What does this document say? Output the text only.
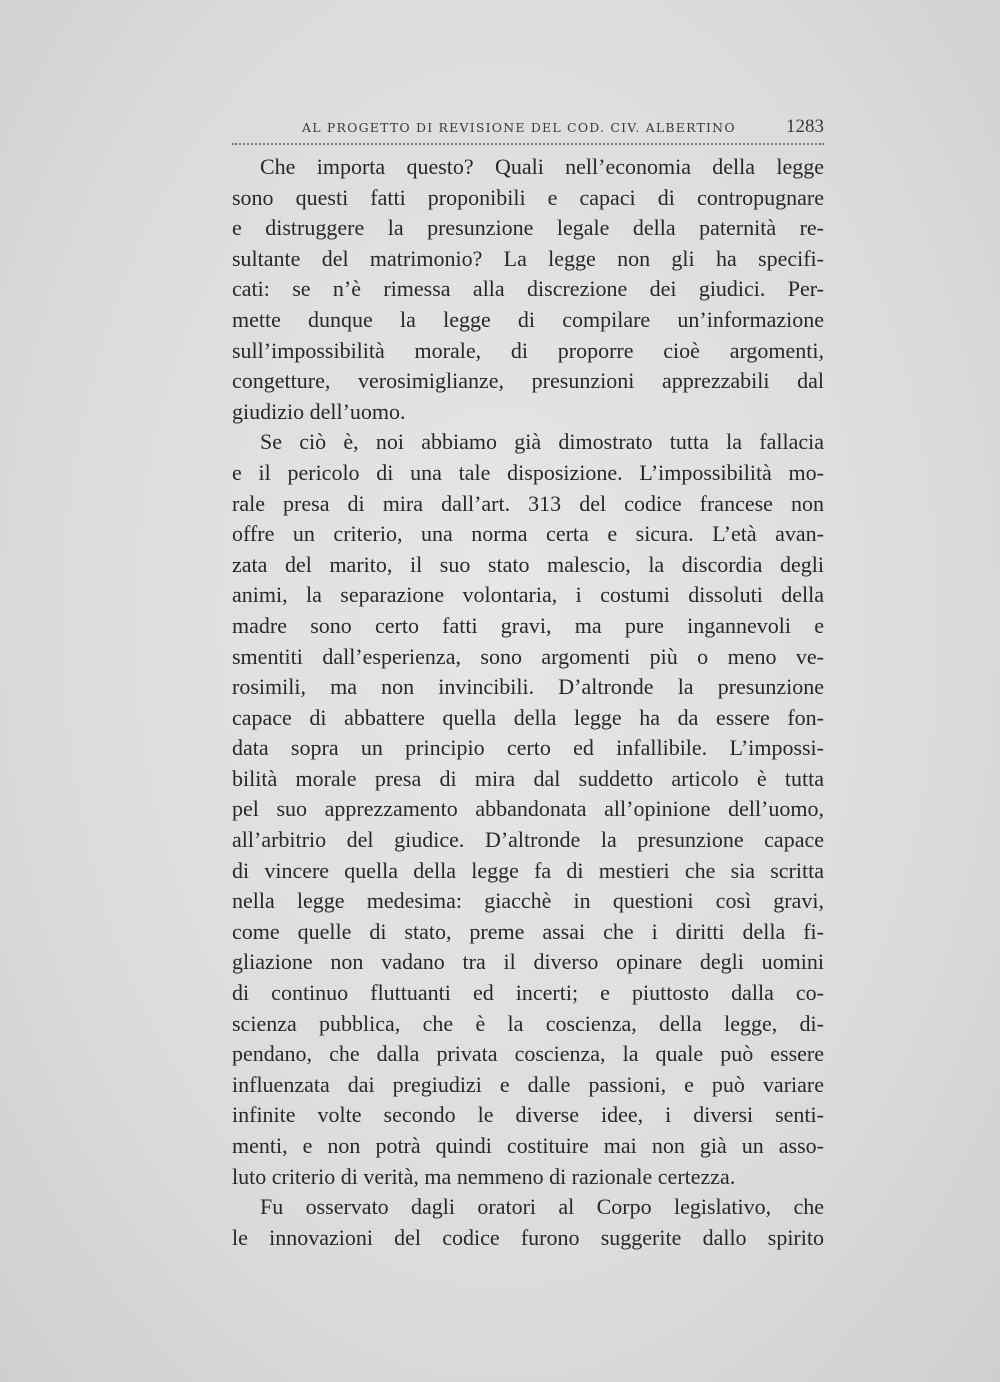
AL PROGETTO DI REVISIONE DEL COD. CIV. ALBERTINO	1283
Che importa questo? Quali nell’economia della legge
sono questi fatti proponibili e capaci di contropugnare
e distruggere la presunzione legale della paternità re-
sultante del matrimonio? La legge non gli ha specifi-
cati: se n’è rimessa alla discrezione dei giudici. Per-
mette dunque la legge di compilare un’informazione
sull’impossibilità morale, di proporre cioè argomenti,
congetture, verosimiglianze, presunzioni apprezzabili dal
giudizio dell’uomo.
Se ciò è, noi abbiamo già dimostrato tutta la fallacia
e il pericolo di una tale disposizione. L’impossibilità mo-
rale presa di mira dall’art. 313 del codice francese non
offre un criterio, una norma certa e sicura. L’età avan-
zata del marito, il suo stato malescio, la discordia degli
animi, la separazione volontaria, i costumi dissoluti della
madre sono certo fatti gravi, ma pure ingannevoli e
smentiti dall’esperienza, sono argomenti più o meno ve-
rosimili, ma non invincibili. D’altronde la presunzione
capace di abbattere quella della legge ha da essere fon-
data sopra un principio certo ed infallibile. L’impossi-
bilità morale presa di mira dal suddetto articolo è tutta
pel suo apprezzamento abbandonata all’opinione dell’uomo,
all’arbitrio del giudice. D’altronde la presunzione capace
di vincere quella della legge fa di mestieri che sia scritta
nella legge medesima: giacchè in questioni così gravi,
come quelle di stato, preme assai che i diritti della fi-
gliazione non vadano tra il diverso opinare degli uomini
di continuo fluttuanti ed incerti; e piuttosto dalla co-
scienza pubblica, che è la coscienza, della legge, di-
pendano, che dalla privata coscienza, la quale può essere
influenzata dai pregiudizi e dalle passioni, e può variare
infinite volte secondo le diverse idee, i diversi senti-
menti, e non potrà quindi costituire mai non già un asso-
luto criterio di verità, ma nemmeno di razionale certezza.
Fu osservato dagli oratori al Corpo legislativo, che
le innovazioni del codice furono suggerite dallo spirito
